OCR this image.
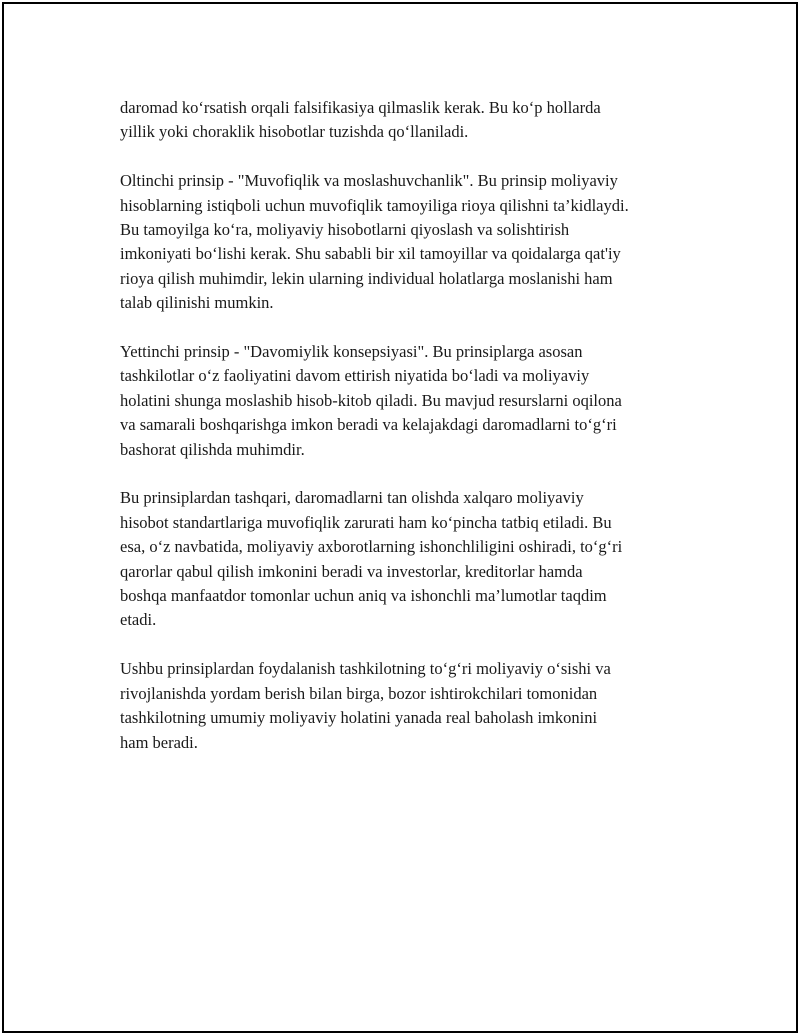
daromad ko‘rsatish orqali falsifikasiya qilmaslik kerak. Bu ko‘p hollarda
yillik yoki choraklik hisobotlar tuzishda qo‘llaniladi.

Oltinchi prinsip - "Muvofiqlik va moslashuvchanlik". Bu prinsip moliyaviy
hisoblarning istiqboli uchun muvofiqlik tamoyiliga rioya qilishni ta’kidlaydi.
Bu tamoyilga ko‘ra, moliyaviy hisobotlarni qiyoslash va solishtirish
imkoniyati bo‘lishi kerak. Shu sababli bir xil tamoyillar va qoidalarga qat'iy
rioya qilish muhimdir, lekin ularning individual holatlarga moslanishi ham
talab qilinishi mumkin.

Yettinchi prinsip - "Davomiylik konsepsiyasi". Bu prinsiplarga asosan
tashkilotlar o‘z faoliyatini davom ettirish niyatida bo‘ladi va moliyaviy
holatini shunga moslashib hisob-kitob qiladi. Bu mavjud resurslarni oqilona
va samarali boshqarishga imkon beradi va kelajakdagi daromadlarni to‘g‘ri
bashorat qilishda muhimdir.

Bu prinsiplardan tashqari, daromadlarni tan olishda xalqaro moliyaviy
hisobot standartlariga muvofiqlik zarurati ham ko‘pincha tatbiq etiladi. Bu
esa, o‘z navbatida, moliyaviy axborotlarning ishonchliligini oshiradi, to‘g‘ri
qarorlar qabul qilish imkonini beradi va investorlar, kreditorlar hamda
boshqa manfaatdor tomonlar uchun aniq va ishonchli ma’lumotlar taqdim
etadi.

Ushbu prinsiplardan foydalanish tashkilotning to‘g‘ri moliyaviy o‘sishi va
rivojlanishda yordam berish bilan birga, bozor ishtirokchilari tomonidan
tashkilotning umumiy moliyaviy holatini yanada real baholash imkonini
ham beradi.
